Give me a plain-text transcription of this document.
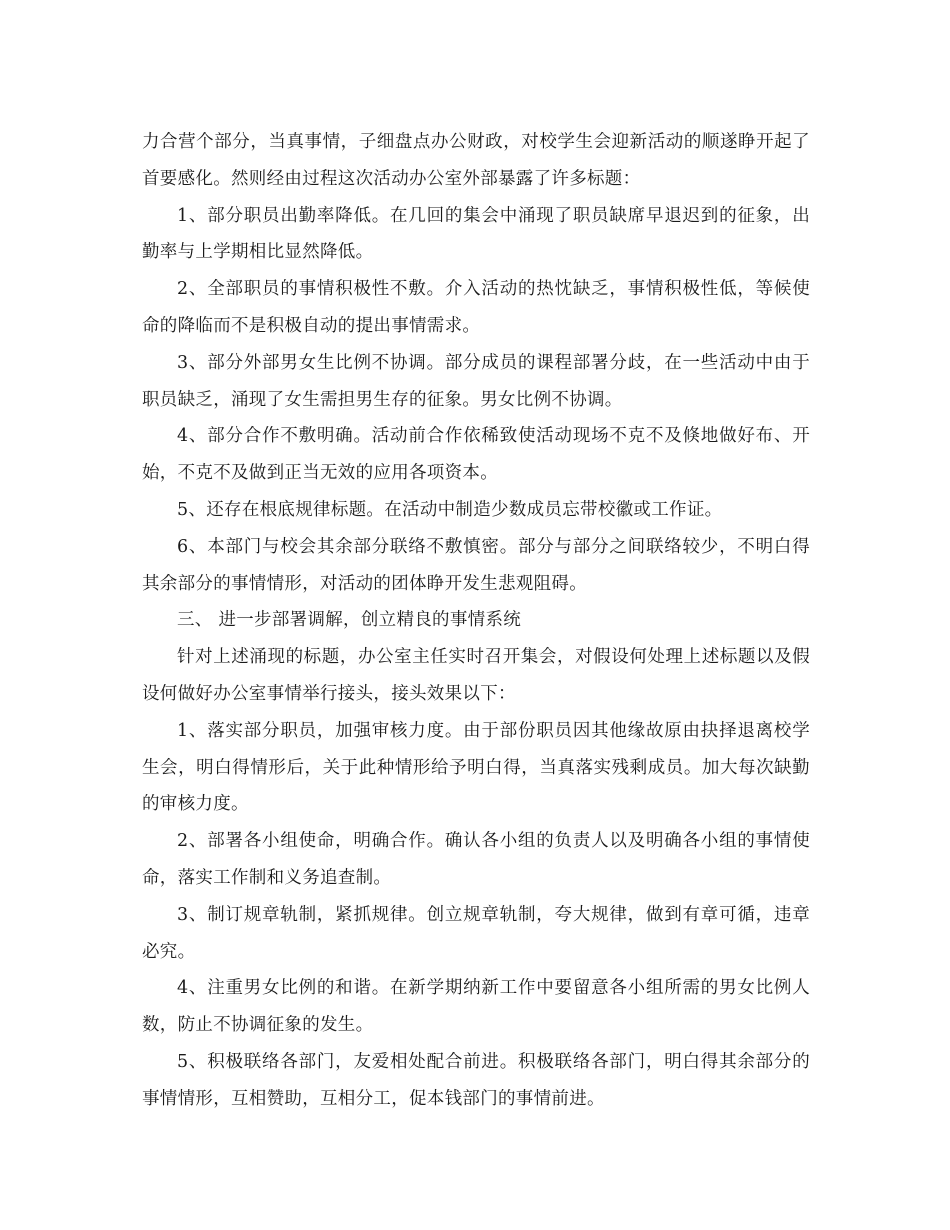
力合营个部分，当真事情，子细盘点办公财政，对校学生会迎新活动的顺遂睁开起了首要感化。然则经由过程这次活动办公室外部暴露了许多标题：

1、部分职员出勤率降低。在几回的集会中涌现了职员缺席早退迟到的征象，出勤率与上学期相比显然降低。

2、全部职员的事情积极性不敷。介入活动的热忱缺乏，事情积极性低，等候使命的降临而不是积极自动的提出事情需求。

3、部分外部男女生比例不协调。部分成员的课程部署分歧，在一些活动中由于职员缺乏，涌现了女生需担男生存的征象。男女比例不协调。

4、部分合作不敷明确。活动前合作依稀致使活动现场不克不及倏地做好布、开始，不克不及做到正当无效的应用各项资本。

5、还存在根底规律标题。在活动中制造少数成员忘带校徽或工作证。

6、本部门与校会其余部分联络不敷慎密。部分与部分之间联络较少，不明白得其余部分的事情情形，对活动的团体睁开发生悲观阻碍。

三、 进一步部署调解，创立精良的事情系统

针对上述涌现的标题，办公室主任实时召开集会，对假设何处理上述标题以及假设何做好办公室事情举行接头，接头效果以下：

1、落实部分职员，加强审核力度。由于部份职员因其他缘故原由抉择退离校学生会，明白得情形后，关于此种情形给予明白得，当真落实残剩成员。加大每次缺勤的审核力度。

2、部署各小组使命，明确合作。确认各小组的负责人以及明确各小组的事情使命，落实工作制和义务追查制。

3、制订规章轨制，紧抓规律。创立规章轨制，夸大规律，做到有章可循，违章必究。

4、注重男女比例的和谐。在新学期纳新工作中要留意各小组所需的男女比例人数，防止不协调征象的发生。

5、积极联络各部门，友爱相处配合前进。积极联络各部门，明白得其余部分的事情情形，互相赞助，互相分工，促本钱部门的事情前进。
